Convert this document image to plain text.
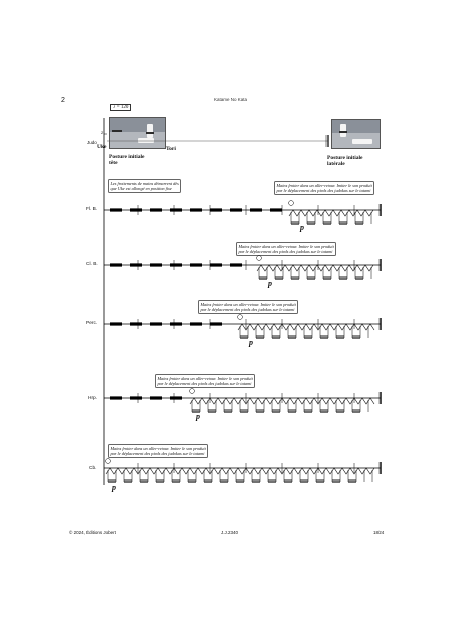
2	Katame No Kata
♪ = 120
Judo
2
Uke	Tori
Posture initiale
tête
Posture initiale
latérale
Fl. B.
Cl. B.
Perc.
Hrp.
Cb.
Les frottements de mains démarrent dès
que Uke est allongé en position fixe
Mains frotter dans un aller-retour. Imiter le son produit
par le déplacement des pieds des judokas sur le tatami
Mains frotter dans un aller-retour. Imiter le son produit
par le déplacement des pieds des judokas sur le tatami
Mains frotter dans un aller-retour. Imiter le son produit
par le déplacement des pieds des judokas sur le tatami
Mains frotter dans un aller-retour. Imiter le son produit
par le déplacement des pieds des judokas sur le tatami
Mains frotter dans un aller-retour. Imiter le son produit
par le déplacement des pieds des judokas sur le tatami
p
p
p
p
p
© 2024, Éditions Jobert	J.J.2340	18/24
